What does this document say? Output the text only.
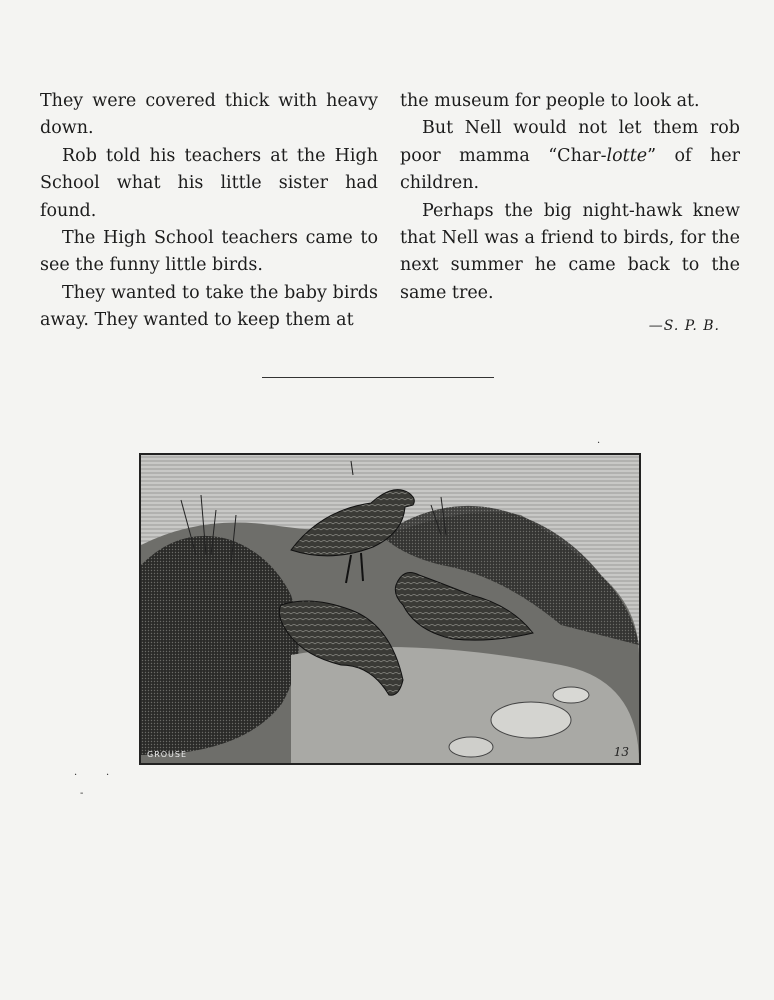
They were covered thick with heavy down.

Rob told his teachers at the High School what his little sister had found.

The High School teachers came to see the funny little birds.

They wanted to take the baby birds away. They wanted to keep them at

the museum for people to look at.

But Nell would not let them rob poor mamma “Char-lotte” of her children.

Perhaps the big night-hawk knew that Nell was a friend to birds, for the next summer he came back to the same tree.

—S. P. B.

GROUSE	13
·	·
-
·
